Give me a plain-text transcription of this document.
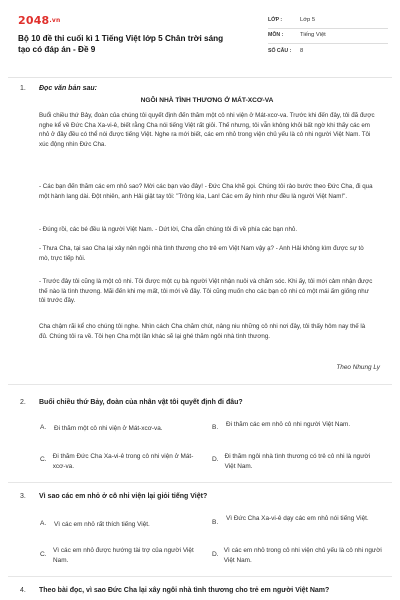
2048.vn
Bộ 10 đề thi cuối kì 1 Tiếng Việt lớp 5 Chân trời sáng tạo có đáp án - Đề 9
LỚP :	Lớp 5
MÔN :	Tiếng Việt
SỐ CÂU :	8
1. Đọc văn bản sau:
NGÔI NHÀ TÌNH THƯƠNG Ở MÁT-XCƠ-VA
Buổi chiều thứ Bảy, đoàn của chúng tôi quyết định đến thăm một cô nhi viện ở Mát-xcơ-va. Trước khi đến đây, tôi đã được nghe kể về Đức Cha Xa-vi-ê, biết rằng Cha nói tiếng Việt rất giỏi. Thế nhưng, tôi vẫn không khỏi bất ngờ khi thấy các em nhỏ ở đây đều có thể nói được tiếng Việt. Nghe ra mới biết, các em nhỏ trong viện chủ yếu là cô nhi người Việt Nam. Tôi xúc động nhìn Đức Cha.
- Các bạn đến thăm các em nhỏ sao? Mời các bạn vào đây! - Đức Cha khẽ gọi. Chúng tôi rảo bước theo Đức Cha, đi qua một hành lang dài. Đột nhiên, anh Hải giật tay tôi: "Trông kìa, Lan! Các em ấy hình như đều là người Việt Nam!".
- Đúng rồi, các bé đều là người Việt Nam. - Dứt lời, Cha dẫn chúng tôi đi về phía các bạn nhỏ.
- Thưa Cha, tại sao Cha lại xây nên ngôi nhà tình thương cho trẻ em Việt Nam vậy ạ? - Anh Hải không kìm được sự tò mò, trực tiếp hỏi.
- Trước đây tôi cũng là một cô nhi. Tôi được một cụ bà người Việt nhận nuôi và chăm sóc. Khi ấy, tôi mới cảm nhận được thế nào là tình thương. Mãi đến khi mẹ mất, tôi mới về đây. Tôi cũng muốn cho các bạn cô nhi có một mái ấm giống như tôi trước đây.
Cha chậm rãi kể cho chúng tôi nghe. Nhìn cách Cha chăm chút, nâng niu những cô nhi nơi đây, tôi thấy hôm nay thế là đủ. Chúng tôi ra về. Tôi hẹn Cha một lần khác sẽ lại ghé thăm ngôi nhà tình thương.
Theo Nhung Ly
2. Buổi chiều thứ Bảy, đoàn của nhân vật tôi quyết định đi đâu?
A.	Đi thăm một cô nhi viện ở Mát-xcơ-va.	B.	Đi thăm các em nhỏ cô nhi người Việt Nam.
C. Đi thăm Đức Cha Xa-vi-ê trong cô nhi viện ở Mát-xcơ-va.
D. Đi thăm ngôi nhà tình thương có trẻ cô nhi là người Việt Nam.
3. Vì sao các em nhỏ ở cô nhi viện lại giỏi tiếng Việt?
A.	Vì các em nhỏ rất thích tiếng Việt.	B.
Vì Đức Cha Xa-vi-ê dạy các em nhỏ nói tiếng Việt.
C.
Vì các em nhỏ được hướng tài trợ của người Việt Nam.
D.
Vì các em nhỏ trong cô nhi viện chủ yếu là cô nhi người Việt Nam.
4. Theo bài đọc, vì sao Đức Cha lại xây ngôi nhà tình thương cho trẻ em người Việt Nam?
